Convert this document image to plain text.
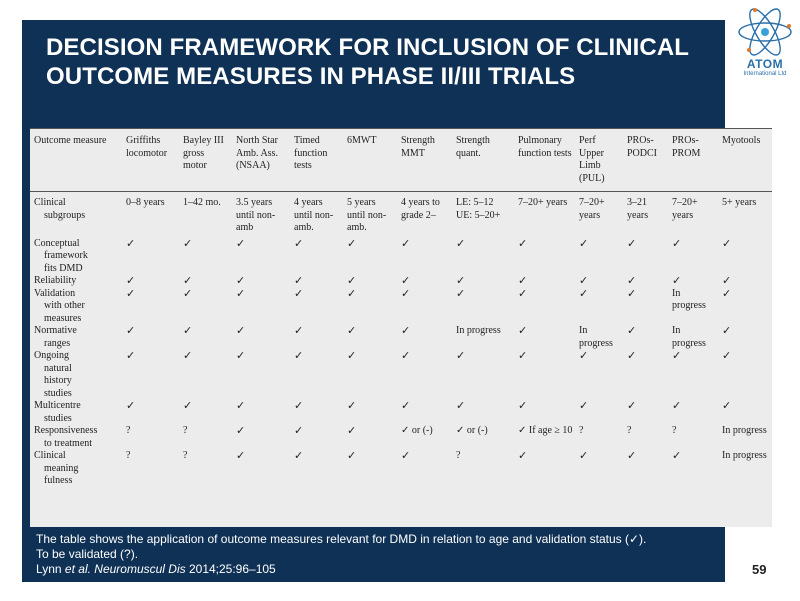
DECISION FRAMEWORK FOR INCLUSION OF CLINICAL OUTCOME MEASURES IN PHASE II/III TRIALS	ATOM
International Ltd
Outcome measure	Griffiths locomotor	Bayley III gross motor	North Star Amb. Ass. (NSAA)	Timed function tests	6MWT	Strength MMT	Strength quant.	Pulmonary function tests	Perf Upper Limb (PUL)	PROs-PODCI	PROs-PROM	Myotools

Clinical
subgroups	0–8 years	1–42 mo.	3.5 years until non-amb	4 years until non-amb.	5 years until non-amb.	4 years to grade 2–	LE: 5–12 UE: 5–20+	7–20+ years	7–20+ years	3–21 years	7–20+ years	5+ years

Conceptual
framework
fits DMD	✓	✓	✓	✓	✓	✓	✓	✓	✓	✓	✓	✓

Reliability	✓	✓	✓	✓	✓	✓	✓	✓	✓	✓	✓	✓

Validation
with other
measures	✓	✓	✓	✓	✓	✓	✓	✓	✓	✓	In progress	✓

Normative
ranges	✓	✓	✓	✓	✓	✓	In progress	✓	In progress	✓	In progress	✓

Ongoing
natural
history
studies	✓	✓	✓	✓	✓	✓	✓	✓	✓	✓	✓	✓

Multicentre
studies	✓	✓	✓	✓	✓	✓	✓	✓	✓	✓	✓	✓

Responsiveness
to treatment	?	?	✓	✓	✓	✓ or (-)	✓ or (-)	✓ If age ≥ 10	?	?	?	In progress

Clinical
meaning
fulness	?	?	✓	✓	✓	✓	?	✓	✓	✓	✓	In progress
The table shows the application of outcome measures relevant for DMD in relation to age and validation status (✓).
To be validated (?).
Lynn et al. Neuromuscul Dis 2014;25:96–105	59
